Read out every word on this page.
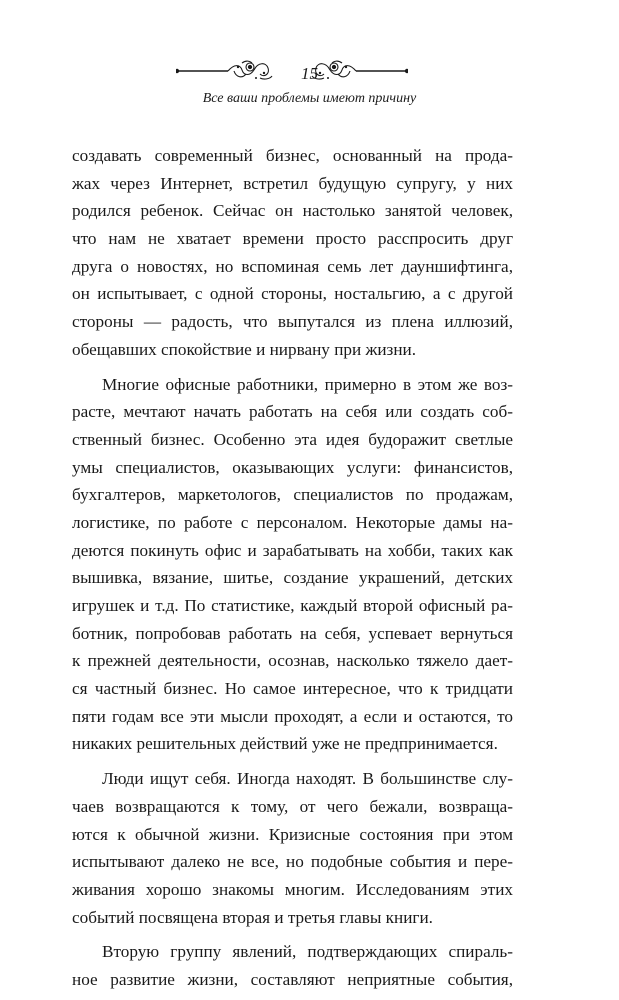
15
Все ваши проблемы имеют причину
создавать современный бизнес, основанный на прода-
жах через Интернет, встретил будущую супругу, у них
родился ребенок. Сейчас он настолько занятой человек,
что нам не хватает времени просто расспросить друг
друга о новостях, но вспоминая семь лет дауншифтинга,
он испытывает, с одной стороны, ностальгию, а с другой
стороны — радость, что выпутался из плена иллюзий,
обещавших спокойствие и нирвану при жизни.
Многие офисные работники, примерно в этом же воз-
расте, мечтают начать работать на себя или создать соб-
ственный бизнес. Особенно эта идея будоражит светлые
умы специалистов, оказывающих услуги: финансистов,
бухгалтеров, маркетологов, специалистов по продажам,
логистике, по работе с персоналом. Некоторые дамы на-
деются покинуть офис и зарабатывать на хобби, таких как
вышивка, вязание, шитье, создание украшений, детских
игрушек и т.д. По статистике, каждый второй офисный ра-
ботник, попробовав работать на себя, успевает вернуться
к прежней деятельности, осознав, насколько тяжело дает-
ся частный бизнес. Но самое интересное, что к тридцати
пяти годам все эти мысли проходят, а если и остаются, то
никаких решительных действий уже не предпринимается.
Люди ищут себя. Иногда находят. В большинстве слу-
чаев возвращаются к тому, от чего бежали, возвраща-
ются к обычной жизни. Кризисные состояния при этом
испытывают далеко не все, но подобные события и пере-
живания хорошо знакомы многим. Исследованиям этих
событий посвящена вторая и третья главы книги.
Вторую группу явлений, подтверждающих спираль-
ное развитие жизни, составляют неприятные события,
